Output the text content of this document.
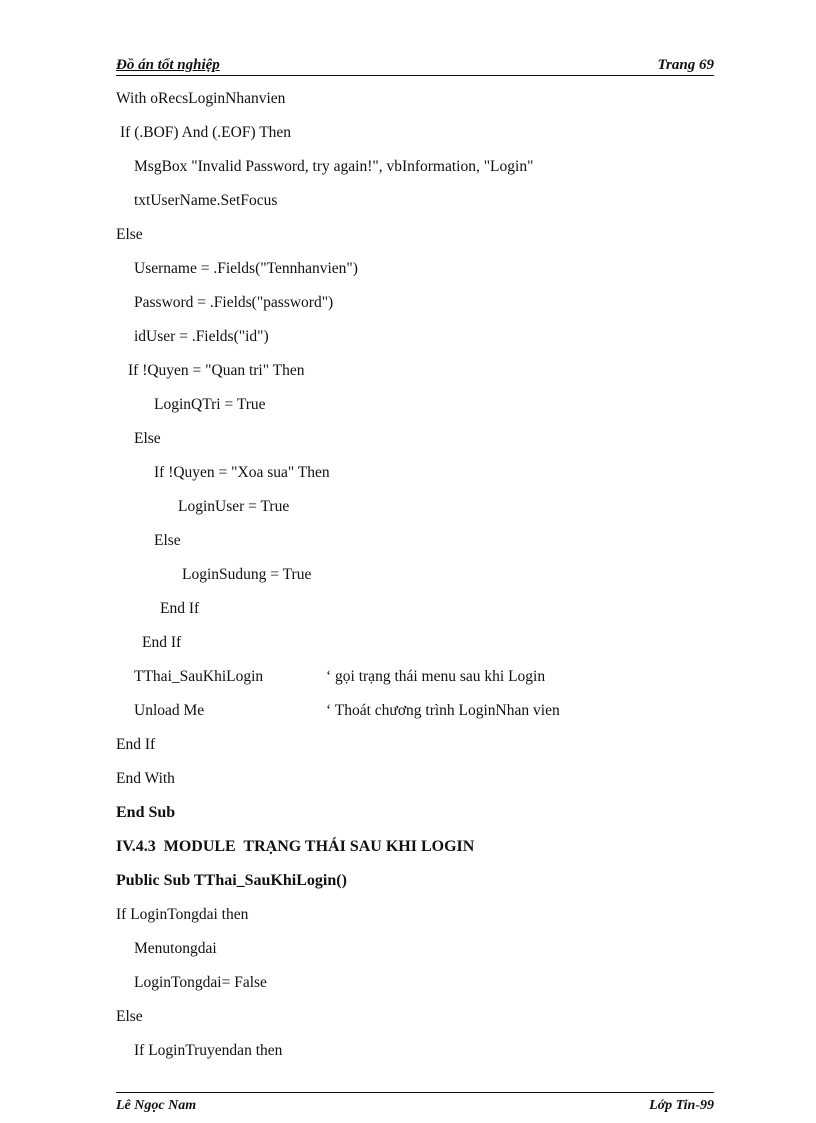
Đồ án tốt nghiệp	Trang 69
With oRecsLoginNhanvien
If (.BOF) And (.EOF) Then
MsgBox "Invalid Password, try again!", vbInformation, "Login"
txtUserName.SetFocus
Else
Username = .Fields("Tennhanvien")
Password = .Fields("password")
idUser = .Fields("id")
If !Quyen = "Quan tri" Then
LoginQTri = True
Else
If !Quyen = "Xoa sua" Then
LoginUser = True
Else
LoginSudung = True
End If
End If
TThai_SauKhiLogin	‘ gọi trạng thái menu sau khi Login
Unload Me	‘ Thoát chương trình LoginNhan vien
End If
End With
End Sub
IV.4.3  MODULE  TRẠNG THÁI SAU KHI LOGIN
Public Sub TThai_SauKhiLogin()
If LoginTongdai then
Menutongdai
LoginTongdai= False
Else
If LoginTruyendan then
Lê Ngọc Nam	Lớp Tin-99
